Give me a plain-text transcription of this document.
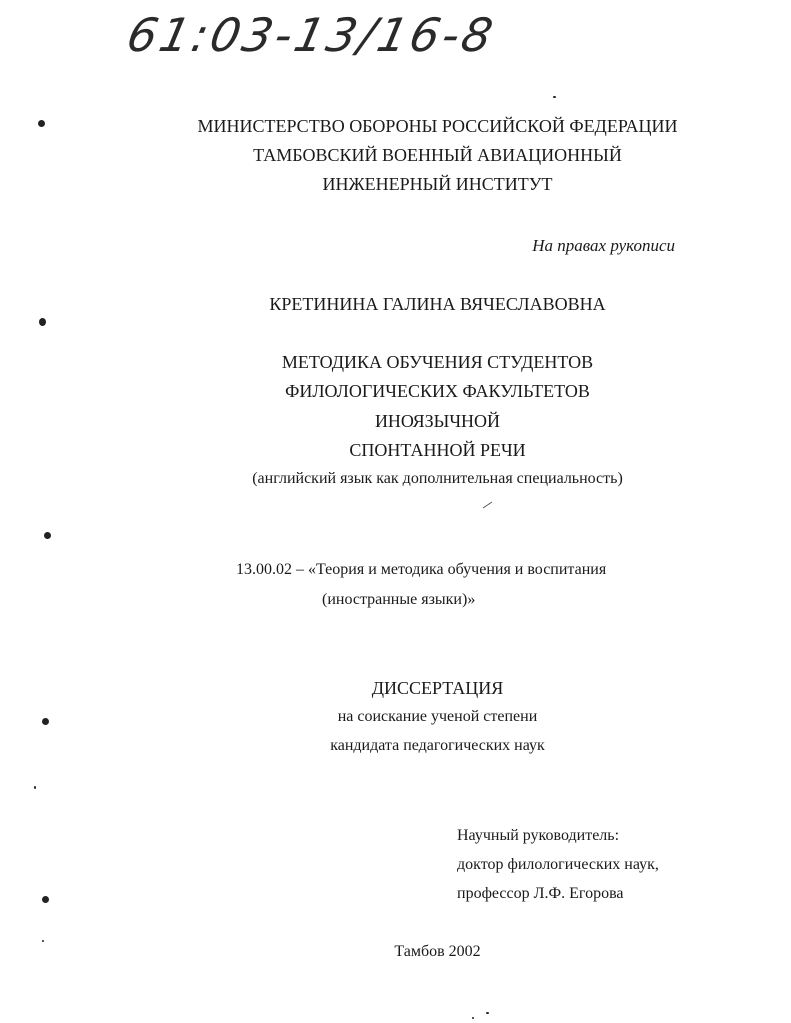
61:03-13/16-8
МИНИСТЕРСТВО ОБОРОНЫ РОССИЙСКОЙ ФЕДЕРАЦИИ
ТАМБОВСКИЙ ВОЕННЫЙ АВИАЦИОННЫЙ
ИНЖЕНЕРНЫЙ ИНСТИТУТ
На правах рукописи
КРЕТИНИНА ГАЛИНА ВЯЧЕСЛАВОВНА
МЕТОДИКА ОБУЧЕНИЯ СТУДЕНТОВ
ФИЛОЛОГИЧЕСКИХ ФАКУЛЬТЕТОВ
ИНОЯЗЫЧНОЙ
СПОНТАННОЙ РЕЧИ
(английский язык как дополнительная специальность)
13.00.02 – «Теория и методика обучения и воспитания
(иностранные языки)»
ДИССЕРТАЦИЯ
на соискание ученой степени
кандидата педагогических наук
Научный руководитель:
доктор филологических наук,
профессор Л.Ф. Егорова
Тамбов 2002
